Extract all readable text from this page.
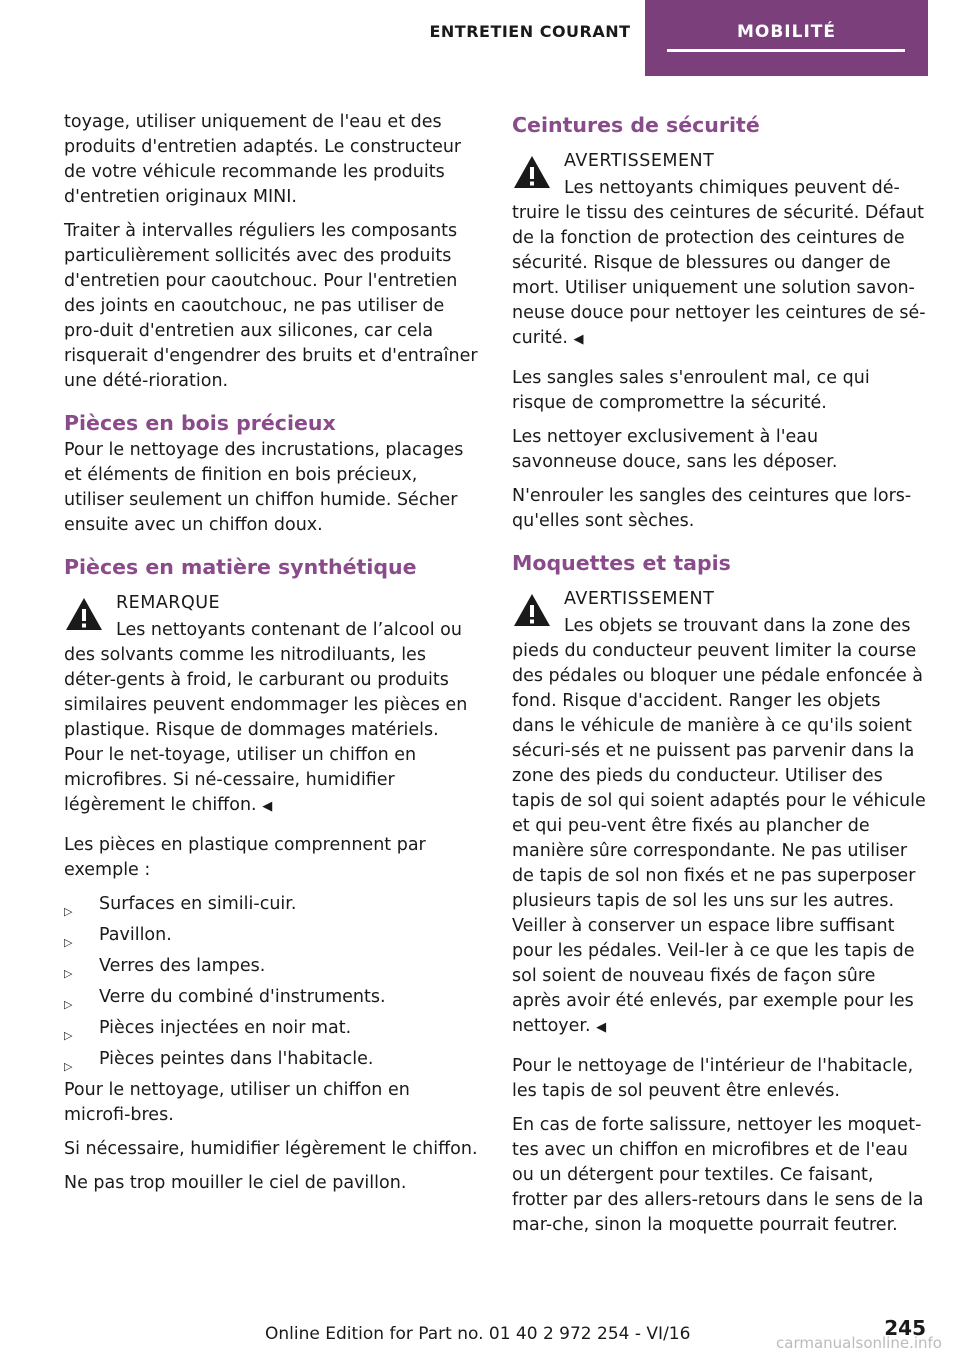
ENTRETIEN COURANT	MOBILITÉ

toyage, utiliser uniquement de l'eau et des produits d'entretien adaptés. Le constructeur de votre véhicule recommande les produits d'entretien originaux MINI.

Traiter à intervalles réguliers les composants particulièrement sollicités avec des produits d'entretien pour caoutchouc. Pour l'entretien des joints en caoutchouc, ne pas utiliser de pro-duit d'entretien aux silicones, car cela risquerait d'engendrer des bruits et d'entraîner une dété-rioration.

Pièces en bois précieux

Pour le nettoyage des incrustations, placages et éléments de finition en bois précieux, utiliser seulement un chiffon humide. Sécher ensuite avec un chiffon doux.

Pièces en matière synthétique

REMARQUE

Les nettoyants contenant de l’alcool ou des solvants comme les nitrodiluants, les déter-gents à froid, le carburant ou produits similaires peuvent endommager les pièces en plastique. Risque de dommages matériels. Pour le net-toyage, utiliser un chiffon en microfibres. Si né-cessaire, humidifier légèrement le chiffon. ◀

Les pièces en plastique comprennent par exemple :

▷ Surfaces en simili-cuir.
▷ Pavillon.
▷ Verres des lampes.
▷ Verre du combiné d'instruments.
▷ Pièces injectées en noir mat.
▷ Pièces peintes dans l'habitacle.

Pour le nettoyage, utiliser un chiffon en microfi-bres.

Si nécessaire, humidifier légèrement le chiffon.

Ne pas trop mouiller le ciel de pavillon.

Ceintures de sécurité

AVERTISSEMENT

Les nettoyants chimiques peuvent dé-truire le tissu des ceintures de sécurité. Défaut de la fonction de protection des ceintures de sécurité. Risque de blessures ou danger de mort. Utiliser uniquement une solution savon-neuse douce pour nettoyer les ceintures de sé-curité. ◀

Les sangles sales s'enroulent mal, ce qui risque de compromettre la sécurité.

Les nettoyer exclusivement à l'eau savonneuse douce, sans les déposer.

N'enrouler les sangles des ceintures que lors-qu'elles sont sèches.

Moquettes et tapis

AVERTISSEMENT

Les objets se trouvant dans la zone des pieds du conducteur peuvent limiter la course des pédales ou bloquer une pédale enfoncée à fond. Risque d'accident. Ranger les objets dans le véhicule de manière à ce qu'ils soient sécuri-sés et ne puissent pas parvenir dans la zone des pieds du conducteur. Utiliser des tapis de sol qui soient adaptés pour le véhicule et qui peu-vent être fixés au plancher de manière sûre correspondante. Ne pas utiliser de tapis de sol non fixés et ne pas superposer plusieurs tapis de sol les uns sur les autres. Veiller à conserver un espace libre suffisant pour les pédales. Veil-ler à ce que les tapis de sol soient de nouveau fixés de façon sûre après avoir été enlevés, par exemple pour les nettoyer. ◀

Pour le nettoyage de l'intérieur de l'habitacle, les tapis de sol peuvent être enlevés.

En cas de forte salissure, nettoyer les moquet-tes avec un chiffon en microfibres et de l'eau ou un détergent pour textiles. Ce faisant, frotter par des allers-retours dans le sens de la mar-che, sinon la moquette pourrait feutrer.

Online Edition for Part no. 01 40 2 972 254 - VI/16	245
carmanualsonline.info
